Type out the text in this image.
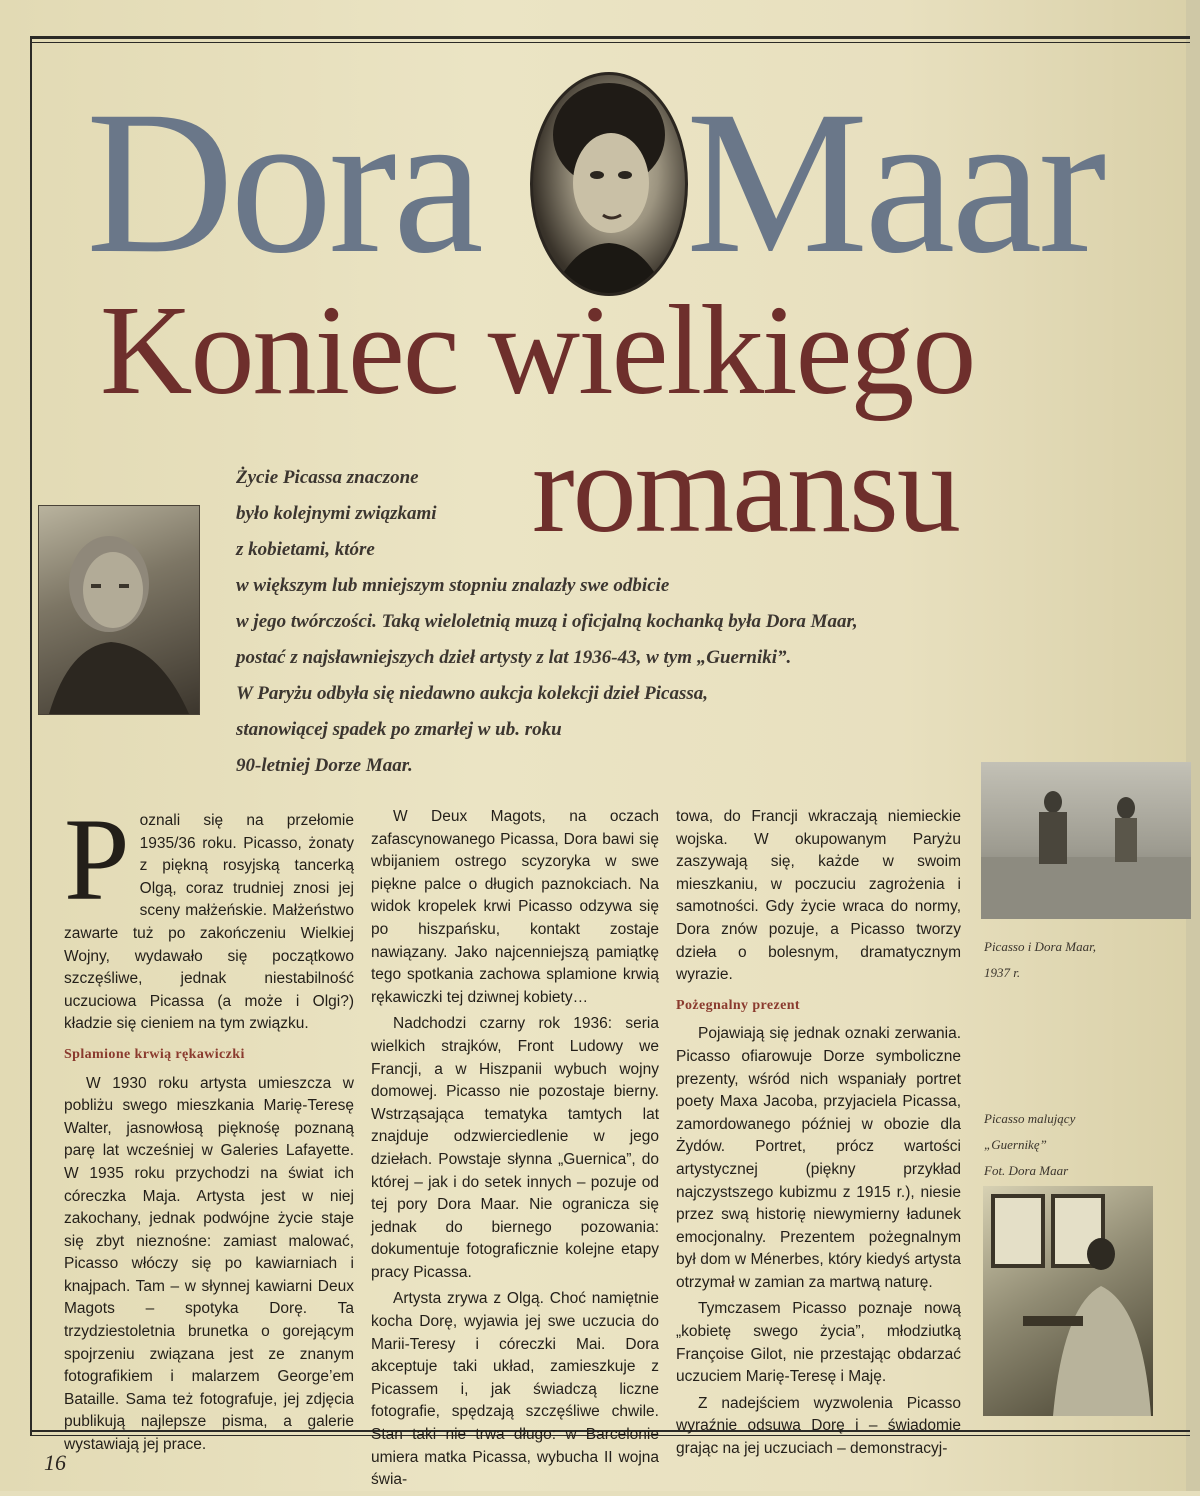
Dora Maar
Koniec wielkiego
romansu
Życie Picassa znaczone
było kolejnymi związkami
z kobietami, które
w większym lub mniejszym stopniu znalazły swe odbicie
w jego twórczości. Taką wieloletnią muzą i oficjalną kochanką była Dora Maar,
postać z najsławniejszych dzieł artysty z lat 1936-43, w tym „Guerniki”.
W Paryżu odbyła się niedawno aukcja kolekcji dzieł Picassa,
stanowiącej spadek po zmarłej w ub. roku
90-letniej Dorze Maar.
P oznali się na przełomie 1935/36 roku. Picasso, żonaty z piękną rosyjską tancerką Olgą, coraz trudniej znosi jej sceny małżeńskie. Małżeństwo zawarte tuż po zakończeniu Wielkiej Wojny, wydawało się początkowo szczęśliwe, jednak niestabilność uczuciowa Picassa (a może i Olgi?) kładzie się cieniem na tym związku.

Splamione krwią rękawiczki

W 1930 roku artysta umieszcza w pobliżu swego mieszkania Marię-Teresę Walter, jasnowłosą pięknośę poznaną parę lat wcześniej w Galeries Lafayette. W 1935 roku przychodzi na świat ich córeczka Maja. Artysta jest w niej zakochany, jednak podwójne życie staje się zbyt nieznośne: zamiast malować, Picasso włóczy się po kawiarniach i knajpach. Tam – w słynnej kawiarni Deux Magots – spotyka Dorę. Ta trzydziestoletnia brunetka o gorejącym spojrzeniu związana jest ze znanym fotografikiem i malarzem George’em Bataille. Sama też fotografuje, jej zdjęcia publikują najlepsze pisma, a galerie wystawiają jej prace.

W Deux Magots, na oczach zafascynowanego Picassa, Dora bawi się wbijaniem ostrego scyzoryka w swe piękne palce o długich paznokciach. Na widok kropelek krwi Picasso odzywa się po hiszpańsku, kontakt zostaje nawiązany. Jako najcenniejszą pamiątkę tego spotkania zachowa splamione krwią rękawiczki tej dziwnej kobiety…

Nadchodzi czarny rok 1936: seria wielkich strajków, Front Ludowy we Francji, a w Hiszpanii wybuch wojny domowej. Picasso nie pozostaje bierny. Wstrząsająca tematyka tamtych lat znajduje odzwierciedlenie w jego dziełach. Powstaje słynna „Guernica”, do której – jak i do setek innych – pozuje od tej pory Dora Maar. Nie ogranicza się jednak do biernego pozowania: dokumentuje fotograficznie kolejne etapy pracy Picassa.

Artysta zrywa z Olgą. Choć namiętnie kocha Dorę, wyjawia jej swe uczucia do Marii-Teresy i córeczki Mai. Dora akceptuje taki układ, zamieszkuje z Picassem i, jak świadczą liczne fotografie, spędzają szczęśliwe chwile. Stan taki nie trwa długo: w Barcelonie umiera matka Picassa, wybucha II wojna świa-

towa, do Francji wkraczają niemieckie wojska. W okupowanym Paryżu zaszywają się, każde w swoim mieszkaniu, w poczuciu zagrożenia i samotności. Gdy życie wraca do normy, Dora znów pozuje, a Picasso tworzy dzieła o bolesnym, dramatycznym wyrazie.

Pożegnalny prezent

Pojawiają się jednak oznaki zerwania. Picasso ofiarowuje Dorze symboliczne prezenty, wśród nich wspaniały portret poety Maxa Jacoba, przyjaciela Picassa, zamordowanego później w obozie dla Żydów. Portret, prócz wartości artystycznej (piękny przykład najczystszego kubizmu z 1915 r.), niesie przez swą historię niewymierny ładunek emocjonalny. Prezentem pożegnalnym był dom w Ménerbes, który kiedyś artysta otrzymał w zamian za martwą naturę.

Tymczasem Picasso poznaje nową „kobietę swego życia”, młodziutką Françoise Gilot, nie przestając obdarzać uczuciem Marię-Teresę i Maję.

Z nadejściem wyzwolenia Picasso wyraźnie odsuwa Dorę i – świadomie grając na jej uczuciach – demonstracyj-

Picasso i Dora Maar,
1937 r.
Picasso malujący
„Guernikę”
Fot. Dora Maar
16
